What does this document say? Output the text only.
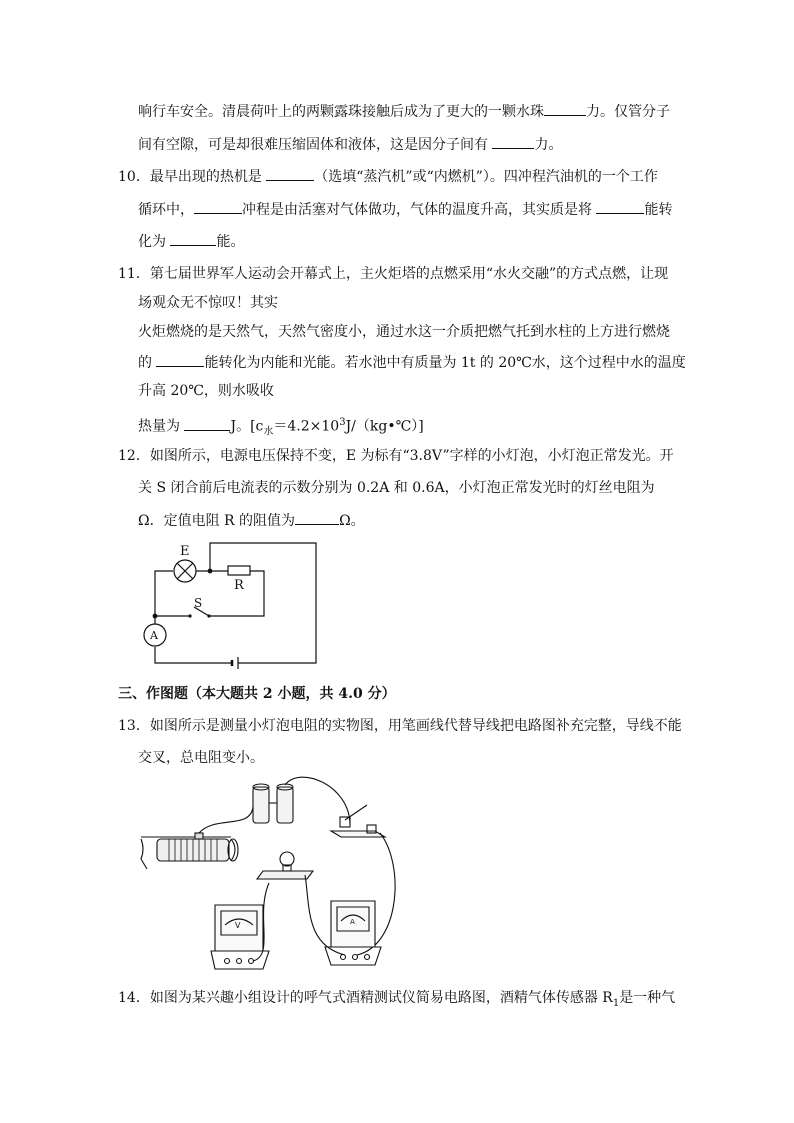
响行车安全。清晨荷叶上的两颗露珠接触后成为了更大的一颗水珠	力。仅管分子
间有空隙，可是却很难压缩固体和液体，这是因分子间有	力。
10．最早出现的热机是	（选填“蒸汽机”或“内燃机”）。四冲程汽油机的一个工作
循环中，	冲程是由活塞对气体做功，气体的温度升高，其实质是将	能转
化为	能。
11．第七届世界军人运动会开幕式上，主火炬塔的点燃采用“水火交融”的方式点燃，让现
场观众无不惊叹！其实
火炬燃烧的是天然气，天然气密度小，通过水这一介质把燃气托到水柱的上方进行燃烧
的	能转化为内能和光能。若水池中有质量为 1t 的 20℃水，这个过程中水的温度
升高 20℃，则水吸收
热量为	J。$[c_水=4.2\times 10^3J/(kg•℃)]$
12．如图所示，电源电压保持不变，E 为标有“3.8V”字样的小灯泡，小灯泡正常发光。开
关 S 闭合前后电流表的示数分别为 0.2A 和 0.6A，小灯泡正常发光时的灯丝电阻为
Ω．定值电阻 R 的阻值为	Ω。
E
R
S
A
三、作图题（本大题共 2 小题，共 4.0 分）
13．如图所示是测量小灯泡电阻的实物图，用笔画线代替导线把电路图补充完整，导线不能
交叉，总电阻变小。
V	A
14．如图为某兴趣小组设计的呼气式酒精测试仪简易电路图，酒精气体传感器 $R_1$是一种气
